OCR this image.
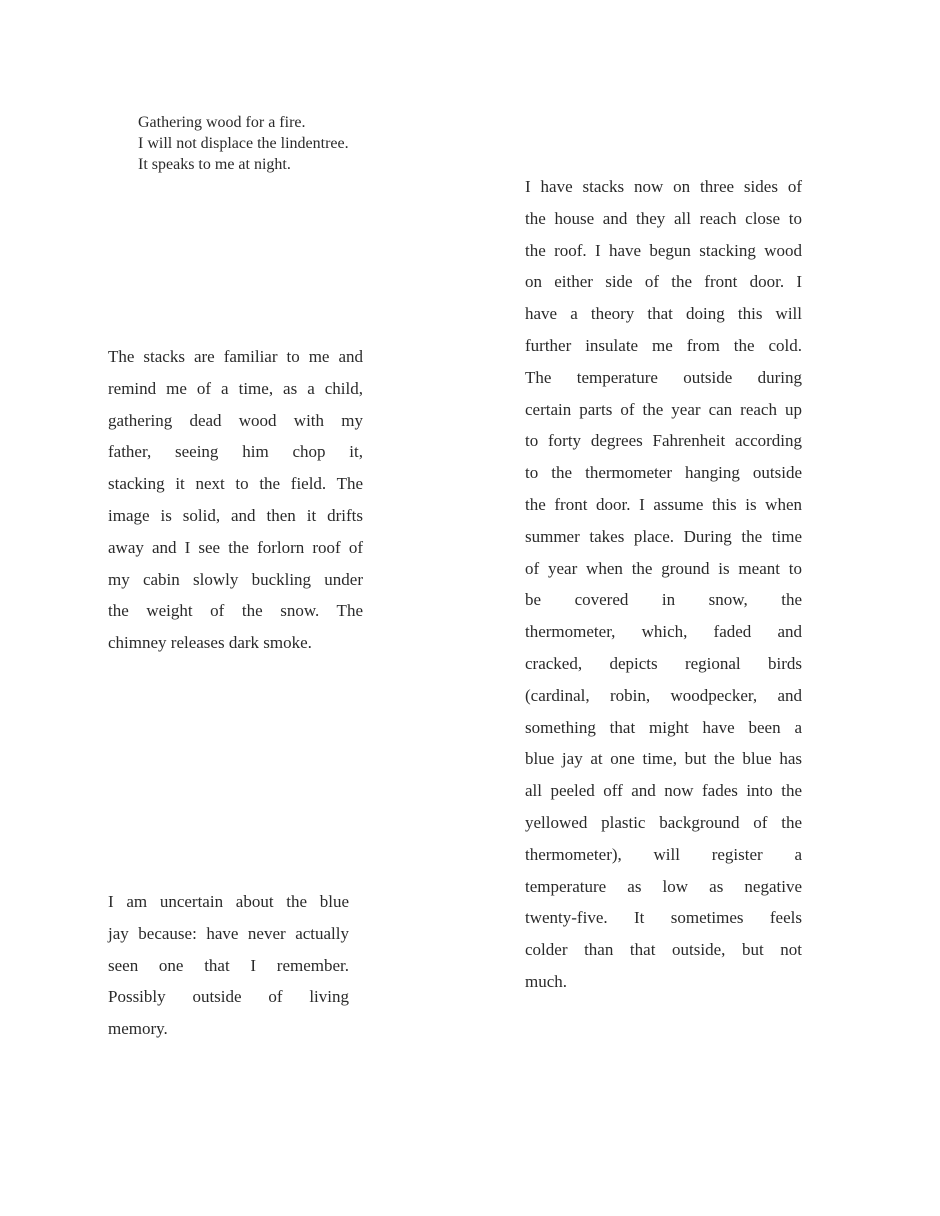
Gathering wood for a fire.
I will not displace the lindentree.
It speaks to me at night.
The stacks are familiar to me and
remind me of a time, as a child,
gathering dead wood with my
father, seeing him chop it,
stacking it next to the field. The
image is solid, and then it drifts
away and I see the forlorn roof of
my cabin slowly buckling under
the weight of the snow. The
chimney releases dark smoke.
I am uncertain about the blue
jay because: have never actually
seen one that I remember.
Possibly outside of living
memory.
I have stacks now on three sides of
the house and they all reach close to
the roof. I have begun stacking wood
on either side of the front door. I
have a theory that doing this will
further insulate me from the cold.
The temperature outside during
certain parts of the year can reach up
to forty degrees Fahrenheit according
to the thermometer hanging outside
the front door. I assume this is when
summer takes place. During the time
of year when the ground is meant to
be covered in snow, the
thermometer, which, faded and
cracked, depicts regional birds
(cardinal, robin, woodpecker, and
something that might have been a
blue jay at one time, but the blue has
all peeled off and now fades into the
yellowed plastic background of the
thermometer), will register a
temperature as low as negative
twenty-five. It sometimes feels
colder than that outside, but not
much.
